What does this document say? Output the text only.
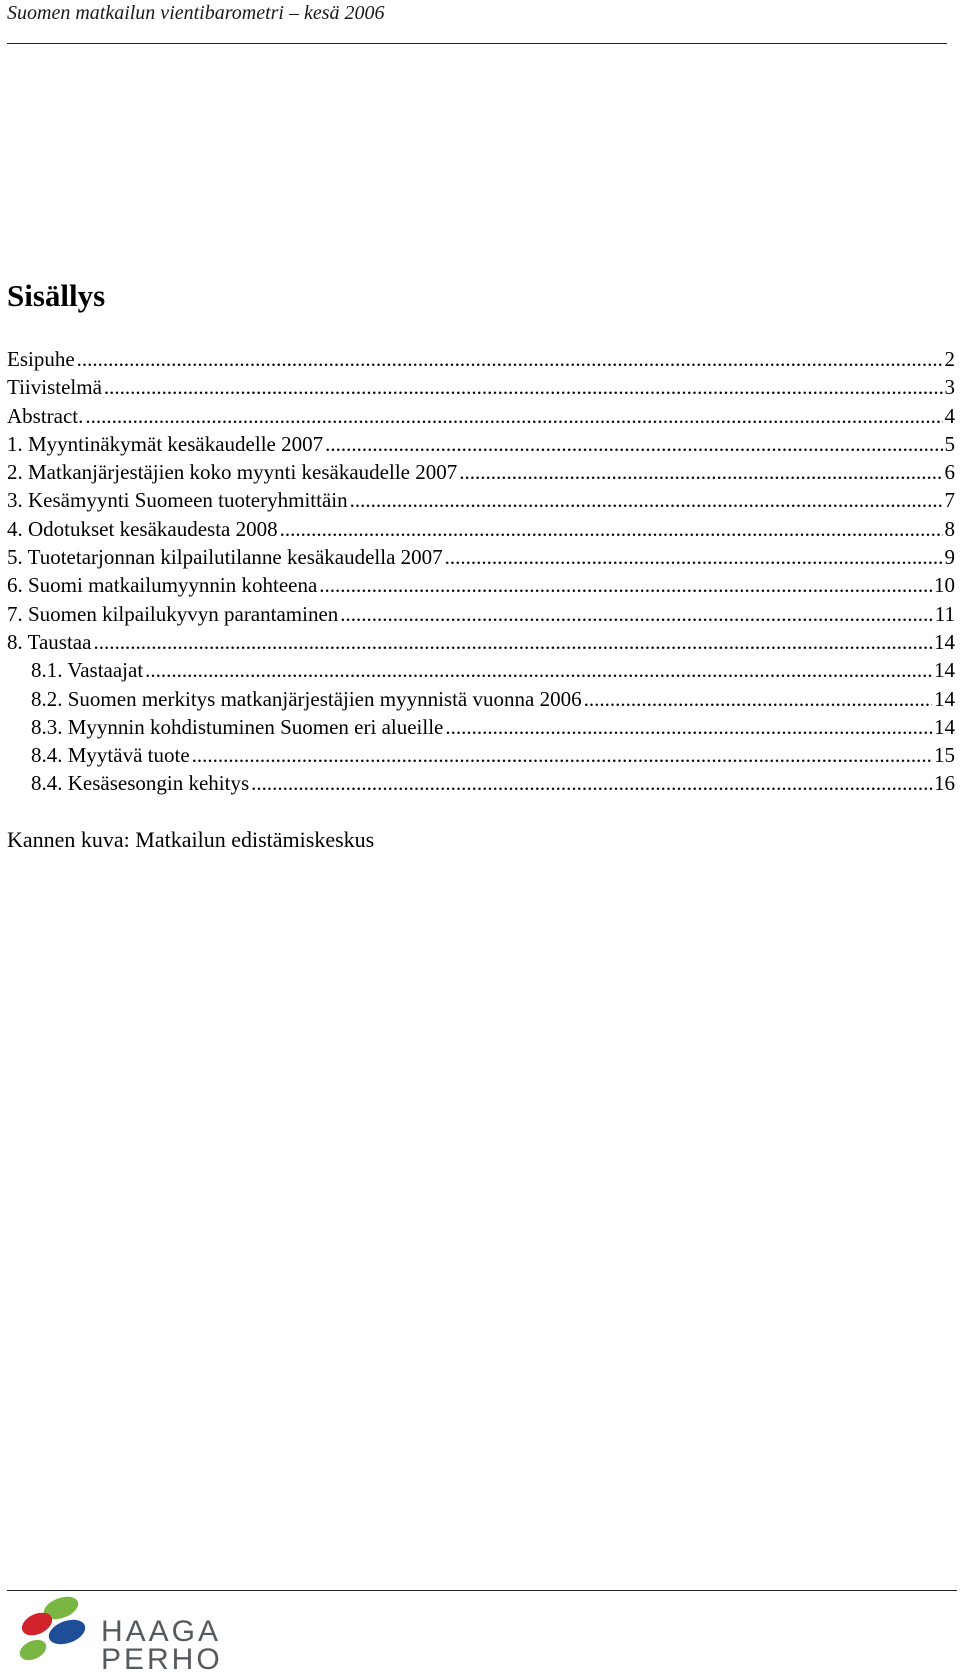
Suomen matkailun vientibarometri – kesä 2006
Sisällys
Esipuhe .....	2
Tiivistelmä .....	3
Abstract. .....	4
1. Myyntinäkymät kesäkaudelle 2007 .....	5
2. Matkanjärjestäjien koko myynti kesäkaudelle 2007 .....	6
3. Kesämyynti Suomeen tuoteryhmittäin .....	7
4. Odotukset kesäkaudesta 2008 .....	8
5. Tuotetarjonnan kilpailutilanne kesäkaudella 2007 .....	9
6. Suomi matkailumyynnin kohteena .....	10
7. Suomen kilpailukyvyn parantaminen .....	11
8. Taustaa .....	14
8.1. Vastaajat .....	14
8.2. Suomen merkitys matkanjärjestäjien myynnistä vuonna 2006 .....	14
8.3. Myynnin kohdistuminen Suomen eri alueille .....	14
8.4. Myytävä tuote .....	15
8.4. Kesäsesongin kehitys .....	16
Kannen kuva: Matkailun edistämiskeskus
HAAGA
PERHO
